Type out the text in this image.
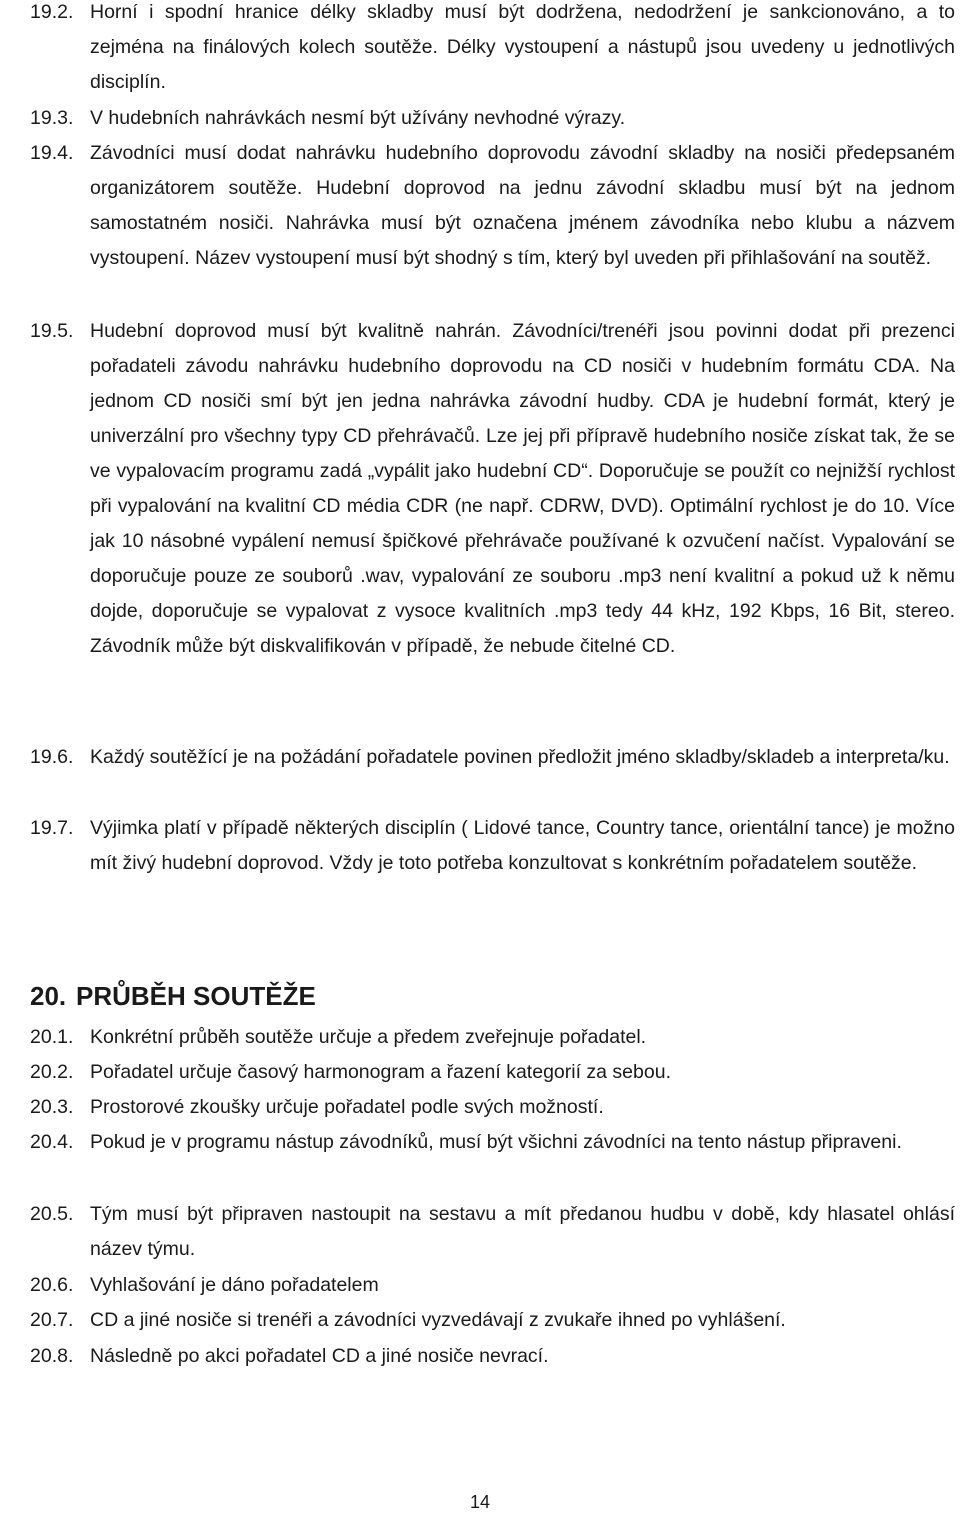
19.2. Horní i spodní hranice délky skladby musí být dodržena, nedodržení je sankcionováno, a to zejména na finálových kolech soutěže. Délky vystoupení a nástupů jsou uvedeny u jednotlivých disciplín.

19.3. V hudebních nahrávkách nesmí být užívány nevhodné výrazy.

19.4. Závodníci musí dodat nahrávku hudebního doprovodu závodní skladby na nosiči předepsaném organizátorem soutěže. Hudební doprovod na jednu závodní skladbu musí být na jednom samostatném nosiči. Nahrávka musí být označena jménem závodníka nebo klubu a názvem vystoupení. Název vystoupení musí být shodný s tím, který byl uveden při přihlašování na soutěž.

19.5. Hudební doprovod musí být kvalitně nahrán. Závodníci/trenéři jsou povinni dodat při prezenci pořadateli závodu nahrávku hudebního doprovodu na CD nosiči v hudebním formátu CDA. Na jednom CD nosiči smí být jen jedna nahrávka závodní hudby. CDA je hudební formát, který je univerzální pro všechny typy CD přehrávačů. Lze jej při přípravě hudebního nosiče získat tak, že se ve vypalovacím programu zadá „vypálit jako hudební CD“. Doporučuje se použít co nejnižší rychlost při vypalování na kvalitní CD média CDR (ne např. CDRW, DVD). Optimální rychlost je do 10. Více jak 10 násobné vypálení nemusí špičkové přehrávače používané k ozvučení načíst. Vypalování se doporučuje pouze ze souborů .wav, vypalování ze souboru .mp3 není kvalitní a pokud už k němu dojde, doporučuje se vypalovat z vysoce kvalitních .mp3 tedy 44 kHz, 192 Kbps, 16 Bit, stereo. Závodník může být diskvalifikován v případě, že nebude čitelné CD.

19.6. Každý soutěžící je na požádání pořadatele povinen předložit jméno skladby/skladeb a interpreta/ku.

19.7. Výjimka platí v případě některých disciplín ( Lidové tance, Country tance, orientální tance) je možno mít živý hudební doprovod. Vždy je toto potřeba konzultovat s konkrétním pořadatelem soutěže.

20. PRŮBĚH SOUTĚŽE
20.1. Konkrétní průběh soutěže určuje a předem zveřejnuje pořadatel.

20.2. Pořadatel určuje časový harmonogram a řazení kategorií za sebou.

20.3. Prostorové zkoušky určuje pořadatel podle svých možností.

20.4. Pokud je v programu nástup závodníků, musí být všichni závodníci na tento nástup připraveni.

20.5. Tým musí být připraven nastoupit na sestavu a mít předanou hudbu v době, kdy hlasatel ohlásí název týmu.

20.6. Vyhlašování je dáno pořadatelem

20.7. CD a jiné nosiče si trenéři a závodníci vyzvedávají z zvukaře ihned po vyhlášení.

20.8. Následně po akci pořadatel CD a jiné nosiče nevrací.

14
